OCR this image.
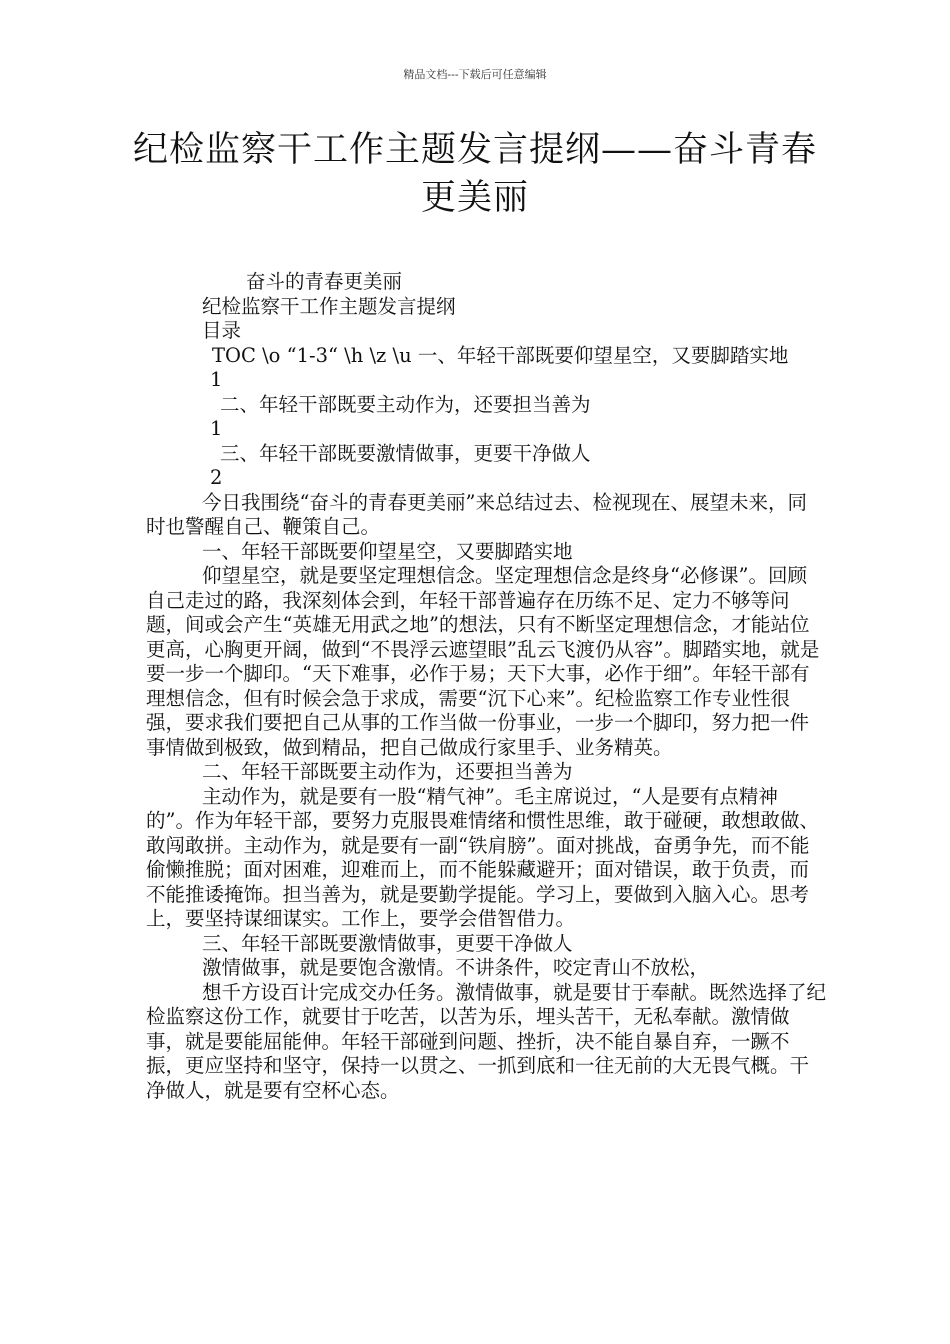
精品文档---下载后可任意编辑
纪检监察干工作主题发言提纲——奋斗青春更美丽

奋斗的青春更美丽

纪检监察干工作主题发言提纲

目录

TOC \o “1-3“ \h \z \u 一、年轻干部既要仰望星空，又要脚踏实地

1

二、年轻干部既要主动作为，还要担当善为

1

三、年轻干部既要激情做事，更要干净做人

2

今日我围绕“奋斗的青春更美丽”来总结过去、检视现在、展望未来，同时也警醒自己、鞭策自己。

一、年轻干部既要仰望星空，又要脚踏实地

仰望星空，就是要坚定理想信念。坚定理想信念是终身“必修课”。回顾自己走过的路，我深刻体会到，年轻干部普遍存在历练不足、定力不够等问题，间或会产生“英雄无用武之地”的想法，只有不断坚定理想信念，才能站位更高，心胸更开阔，做到“不畏浮云遮望眼”乱云飞渡仍从容”。脚踏实地，就是要一步一个脚印。“天下难事，必作于易；天下大事，必作于细”。年轻干部有理想信念，但有时候会急于求成，需要“沉下心来”。纪检监察工作专业性很强，要求我们要把自己从事的工作当做一份事业，一步一个脚印，努力把一件事情做到极致，做到精品，把自己做成行家里手、业务精英。

二、年轻干部既要主动作为，还要担当善为

主动作为，就是要有一股“精气神”。毛主席说过，“人是要有点精神的”。作为年轻干部，要努力克服畏难情绪和惯性思维，敢于碰硬，敢想敢做、敢闯敢拼。主动作为，就是要有一副“铁肩膀”。面对挑战，奋勇争先，而不能偷懒推脱；面对困难，迎难而上，而不能躲藏避开；面对错误，敢于负责，而不能推诿掩饰。担当善为，就是要勤学提能。学习上，要做到入脑入心。思考上，要坚持谋细谋实。工作上，要学会借智借力。

三、年轻干部既要激情做事，更要干净做人

激情做事，就是要饱含激情。不讲条件，咬定青山不放松，

想千方设百计完成交办任务。激情做事，就是要甘于奉献。既然选择了纪检监察这份工作，就要甘于吃苦，以苦为乐，埋头苦干，无私奉献。激情做事，就是要能屈能伸。年轻干部碰到问题、挫折，决不能自暴自弃，一蹶不振，更应坚持和坚守，保持一以贯之、一抓到底和一往无前的大无畏气概。干净做人，就是要有空杯心态。
